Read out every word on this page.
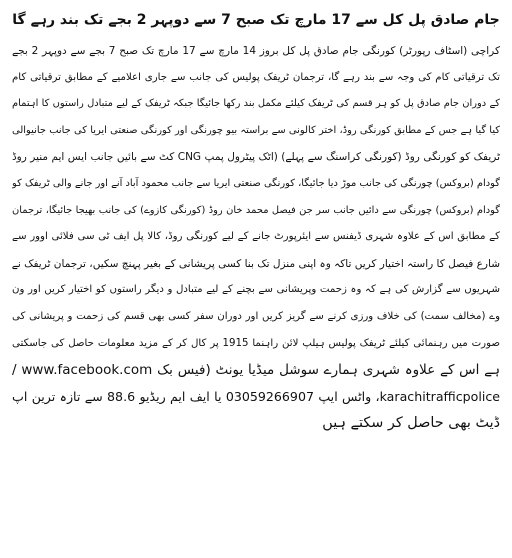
جام صادق پل کل سے 17 مارچ تک صبح 7 سے دوپہر 2 بجے تک بند رہے گا
کراچی (اسٹاف رپورٹر) کورنگی جام صادق پل کل بروز 14 مارچ سے 17 مارچ تک صبح 7 بجے سے دوپہر 2 بجے
تک ترقیاتی کام کی وجہ سے بند رہے گا، ترجمان ٹریفک پولیس کی جانب سے جاری اعلامیے کے مطابق ترقیاتی کام
کے دوران جام صادق پل کو ہر قسم کی ٹریفک کیلئے مکمل بند رکھا جائیگا جبکہ ٹریفک کے لیے متبادل راستوں کا اہتمام
کیا گیا ہے جس کے مطابق کورنگی روڈ، اختر کالونی سے براستہ بیو چورنگی اور کورنگی صنعتی ایریا کی جانب جانیوالی
ٹریفک کو کورنگی روڈ (کورنگی کراسنگ سے پہلے) (اٹک پیٹرول پمپ CNG کٹ سے بائیں جانب ایس ایم منیر روڈ
گودام (بروکس) چورنگی کی جانب موڑ دیا جائیگا، کورنگی صنعتی ایریا سے جانب محمود آباد آنے اور جانے والی ٹریفک کو
گودام (بروکس) چورنگی سے دائیں جانب سر جن فیصل محمد خان روڈ (کورنگی کازوے) کی جانب بھیجا جائیگا، ترجمان
کے مطابق اس کے علاوہ شہری ڈیفنس سے ایئرپورٹ جانے کے لیے کورنگی روڈ، کالا پل ایف ٹی سی فلائی اوور سے
شارع فیصل کا راستہ اختیار کریں تاکہ وہ اپنی منزل تک بنا کسی پریشانی کے بغیر پہنچ سکیں، ترجمان ٹریفک نے
شہریوں سے گزارش کی ہے کہ وہ زحمت وپریشانی سے بچنے کے لیے متبادل و دیگر راستوں کو اختیار کریں اور ون
وے (مخالف سمت) کی خلاف ورزی کرنے سے گریز کریں اور دوران سفر کسی بھی قسم کی زحمت و پریشانی کی
صورت میں رہنمائی کیلئے ٹریفک پولیس ہیلپ لائن راہنما 1915 پر کال کر کے مزید معلومات حاصل کی جاسکتی
ہے اس کے علاوہ شہری ہمارے سوشل میڈیا یونٹ (فیس بک www.facebook.com /
karachitrafficpolice، واٹس ایپ 03059266907 یا ایف ایم ریڈیو 88.6 سے تازہ ترین اپ
ڈیٹ بھی حاصل کر سکتے ہیں
